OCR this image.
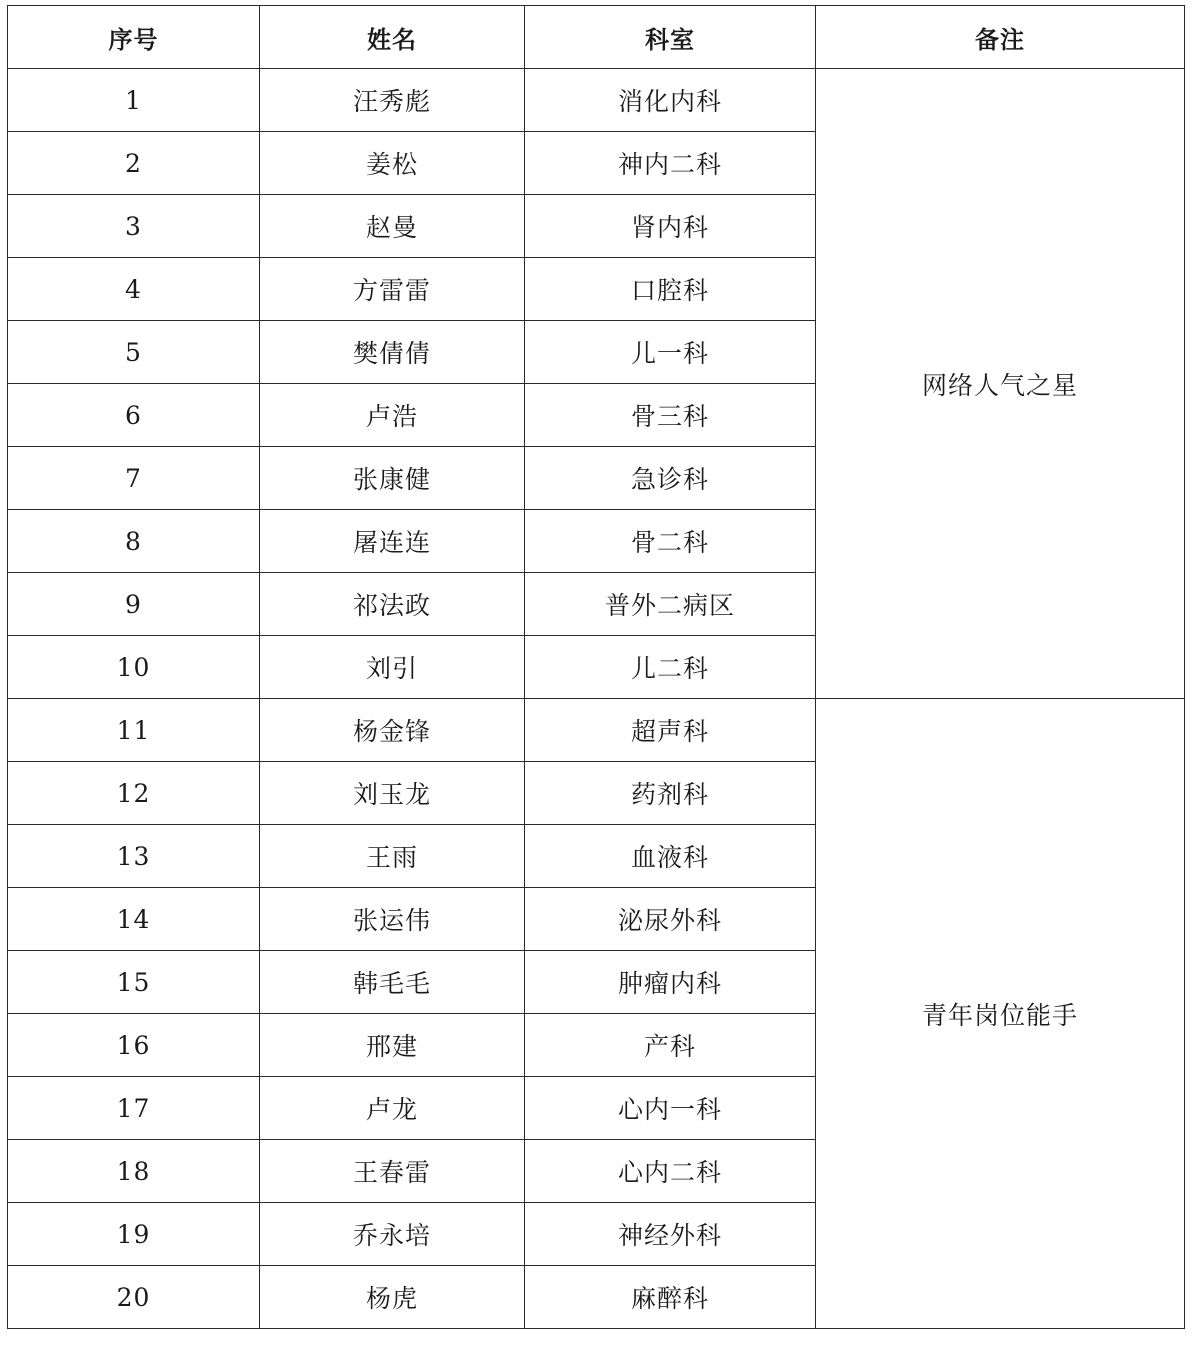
序号	姓名	科室	备注
1	汪秀彪	消化内科	网络人气之星
2	姜松	神内二科	
3	赵曼	肾内科	
4	方雷雷	口腔科	
5	樊倩倩	儿一科	
6	卢浩	骨三科	
7	张康健	急诊科	
8	屠连连	骨二科	
9	祁法政	普外二病区	
10	刘引	儿二科	
11	杨金锋	超声科	青年岗位能手
12	刘玉龙	药剂科	
13	王雨	血液科	
14	张运伟	泌尿外科	
15	韩毛毛	肿瘤内科	
16	邢建	产科	
17	卢龙	心内一科	
18	王春雷	心内二科	
19	乔永培	神经外科	
20	杨虎	麻醉科	
